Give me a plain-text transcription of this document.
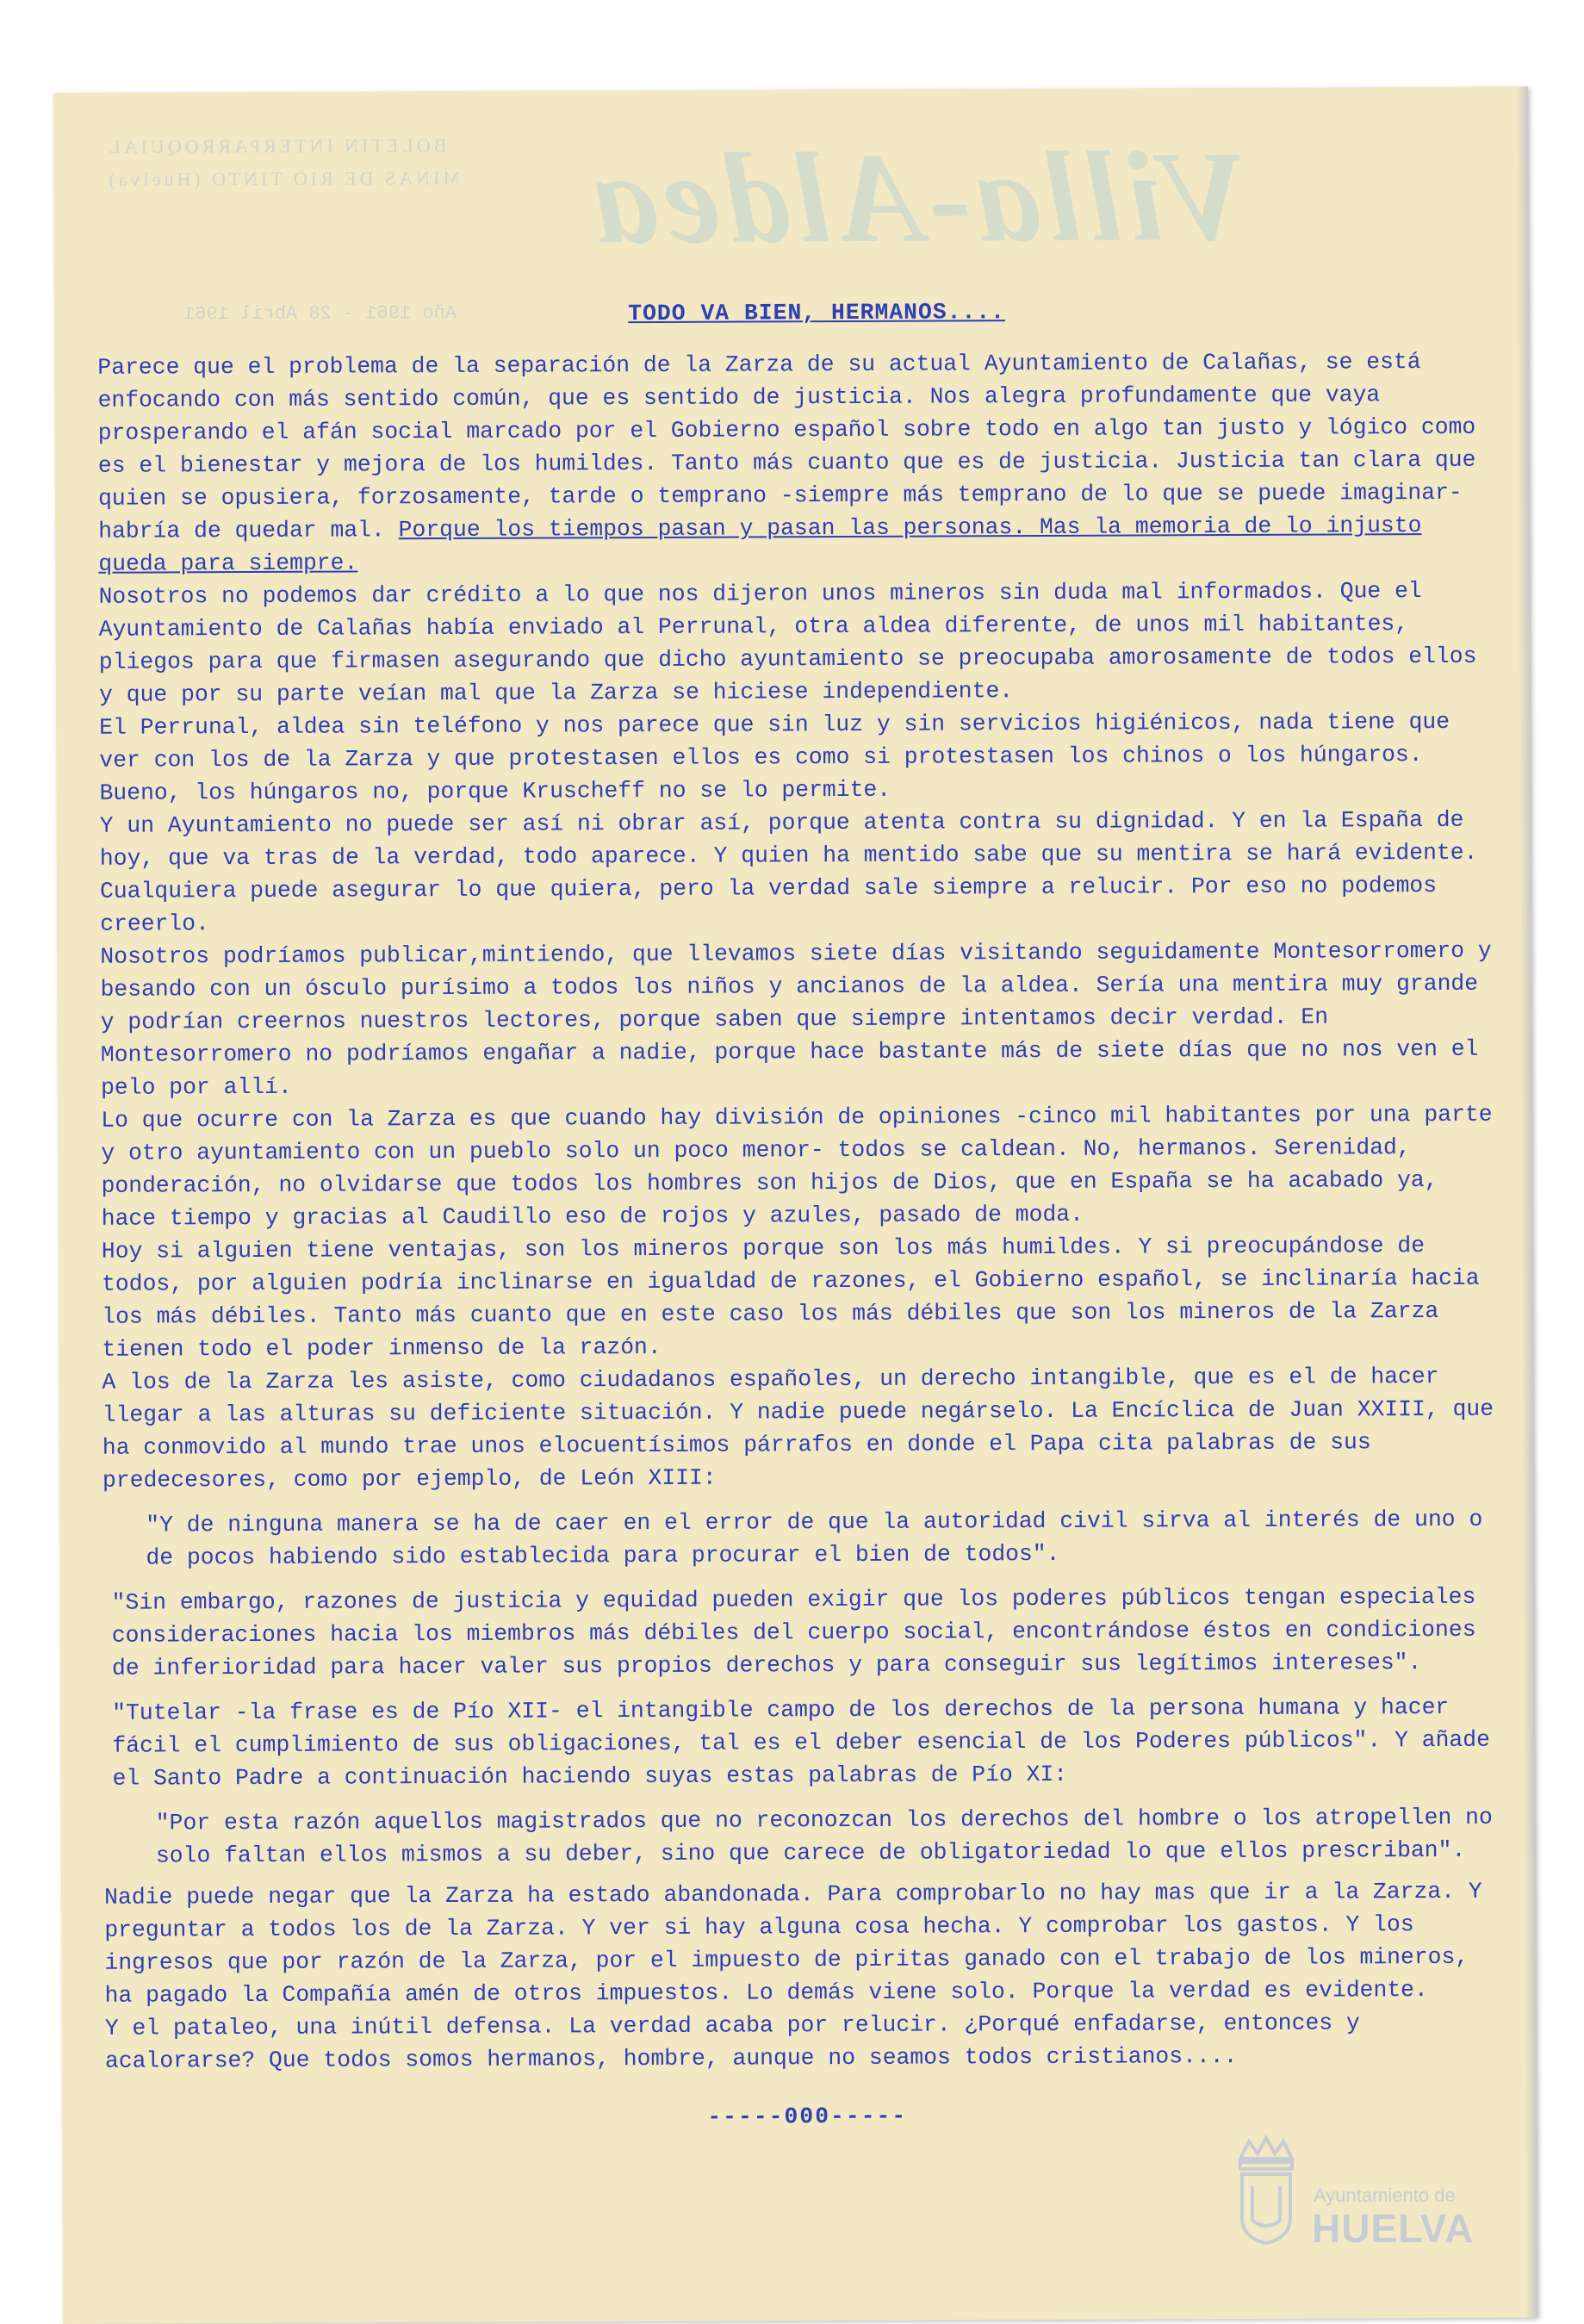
BOLETIN INTERPARROQUIAL
MINAS DE RIO TINTO (Huelva) Villa-Aldea
Año 1961 - 28 Abril 1961	TODO VA BIEN, HERMANOS....

Parece que el problema de la separación de la Zarza de su actual Ayuntamiento de Calañas, se está enfocando con más sentido común, que es sentido de justicia. Nos alegra profundamente que vaya prosperando el afán social marcado por el Gobierno español sobre todo en algo tan justo y lógico como es el bienestar y mejora de los humildes. Tanto más cuanto que es de justicia. Justicia tan clara que quien se opusiera, forzosamente, tarde o temprano -siempre más temprano de lo que se puede imaginar- habría de quedar mal. Porque los tiempos pasan y pasan las personas. Mas la memoria de lo injusto queda para siempre.

Nosotros no podemos dar crédito a lo que nos dijeron unos mineros sin duda mal informados. Que el Ayuntamiento de Calañas había enviado al Perrunal, otra aldea diferente, de unos mil habitantes, pliegos para que firmasen asegurando que dicho ayuntamiento se preocupaba amorosamente de todos ellos y que por su parte veían mal que la Zarza se hiciese independiente.

El Perrunal, aldea sin teléfono y nos parece que sin luz y sin servicios higiénicos, nada tiene que ver con los de la Zarza y que protestasen ellos es como si protestasen los chinos o los húngaros. Bueno, los húngaros no, porque Kruscheff no se lo permite.

Y un Ayuntamiento no puede ser así ni obrar así, porque atenta contra su dignidad. Y en la España de hoy, que va tras de la verdad, todo aparece. Y quien ha mentido sabe que su mentira se hará evidente. Cualquiera puede asegurar lo que quiera, pero la verdad sale siempre a relucir. Por eso no podemos creerlo.

Nosotros podríamos publicar,mintiendo, que llevamos siete días visitando seguidamente Montesorromero y besando con un ósculo purísimo a todos los niños y ancianos de la aldea. Sería una mentira muy grande y podrían creernos nuestros lectores, porque saben que siempre intentamos decir verdad. En Montesorromero no podríamos engañar a nadie, porque hace bastante más de siete días que no nos ven el pelo por allí.

Lo que ocurre con la Zarza es que cuando hay división de opiniones -cinco mil habitantes por una parte y otro ayuntamiento con un pueblo solo un poco menor- todos se caldean. No, hermanos. Serenidad, ponderación, no olvidarse que todos los hombres son hijos de Dios, que en España se ha acabado ya, hace tiempo y gracias al Caudillo eso de rojos y azules, pasado de moda.

Hoy si alguien tiene ventajas, son los mineros porque son los más humildes. Y si preocupándose de todos, por alguien podría inclinarse en igualdad de razones, el Gobierno español, se inclinaría hacia los más débiles. Tanto más cuanto que en este caso los más débiles que son los mineros de la Zarza tienen todo el poder inmenso de la razón.

A los de la Zarza les asiste, como ciudadanos españoles, un derecho intangible, que es el de hacer llegar a las alturas su deficiente situación. Y nadie puede negárselo. La Encíclica de Juan XXIII, que ha conmovido al mundo trae unos elocuentísimos párrafos en donde el Papa cita palabras de sus predecesores, como por ejemplo, de León XIII:

"Y de ninguna manera se ha de caer en el error de que la autoridad civil sirva al interés de uno o de pocos habiendo sido establecida para procurar el bien de todos".

"Sin embargo, razones de justicia y equidad pueden exigir que los poderes públicos tengan especiales consideraciones hacia los miembros más débiles del cuerpo social, encontrándose éstos en condiciones de inferioridad para hacer valer sus propios derechos y para conseguir sus legítimos intereses".

"Tutelar -la frase es de Pío XII- el intangible campo de los derechos de la persona humana y hacer fácil el cumplimiento de sus obligaciones, tal es el deber esencial de los Poderes públicos". Y añade el Santo Padre a continuación haciendo suyas estas palabras de Pío XI:

"Por esta razón aquellos magistrados que no reconozcan los derechos del hombre o los atropellen no solo faltan ellos mismos a su deber, sino que carece de obligatoriedad lo que ellos prescriban".

Nadie puede negar que la Zarza ha estado abandonada. Para comprobarlo no hay mas que ir a la Zarza. Y preguntar a todos los de la Zarza. Y ver si hay alguna cosa hecha. Y comprobar los gastos. Y los ingresos que por razón de la Zarza, por el impuesto de piritas ganado con el trabajo de los mineros, ha pagado la Compañía amén de otros impuestos. Lo demás viene solo. Porque la verdad es evidente.

Y el pataleo, una inútil defensa. La verdad acaba por relucir. ¿Porqué enfadarse, entonces y acalorarse? Que todos somos hermanos, hombre, aunque no seamos todos cristianos....

-----000-----
Ayuntamiento de
HUELVA
